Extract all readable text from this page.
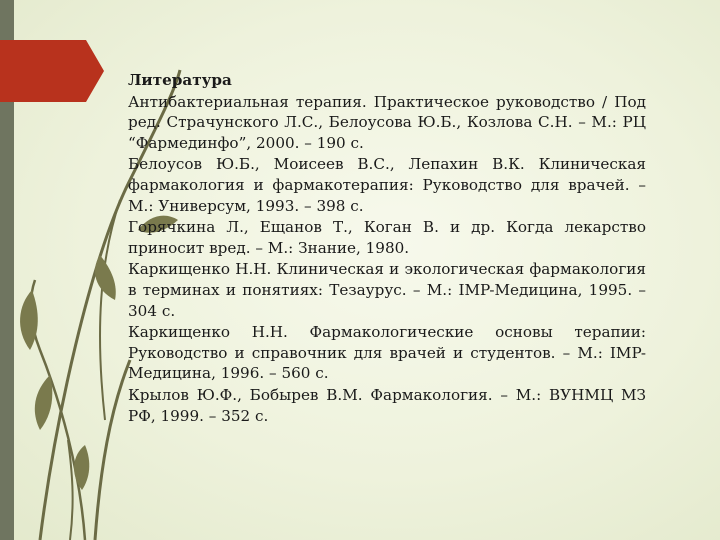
Литература
Антибактериальная терапия. Практическое руководство / Под ред. Страчунского Л.С., Белоусова Ю.Б., Козлова С.Н. – М.: РЦ “Фармединфо”, 2000. – 190 с.
Белоусов Ю.Б., Моисеев В.С., Лепахин В.К. Клиническая фармакология и фармакотерапия: Руководство для врачей. – М.: Универсум, 1993. – 398 с.
Горячкина Л., Ещанов Т., Коган В. и др. Когда лекарство приносит вред. – М.: Знание, 1980.
Каркищенко Н.Н. Клиническая и экологическая фармакология в терминах и понятиях: Тезаурус. – М.: IMP-Медицина, 1995. – 304 с.
Каркищенко Н.Н. Фармакологические основы терапии: Руководство и справочник для врачей и студентов. – М.: IMP-Медицина, 1996. – 560 с.
Крылов Ю.Ф., Бобырев В.М. Фармакология. – М.: ВУНМЦ МЗ РФ, 1999. – 352 с.
